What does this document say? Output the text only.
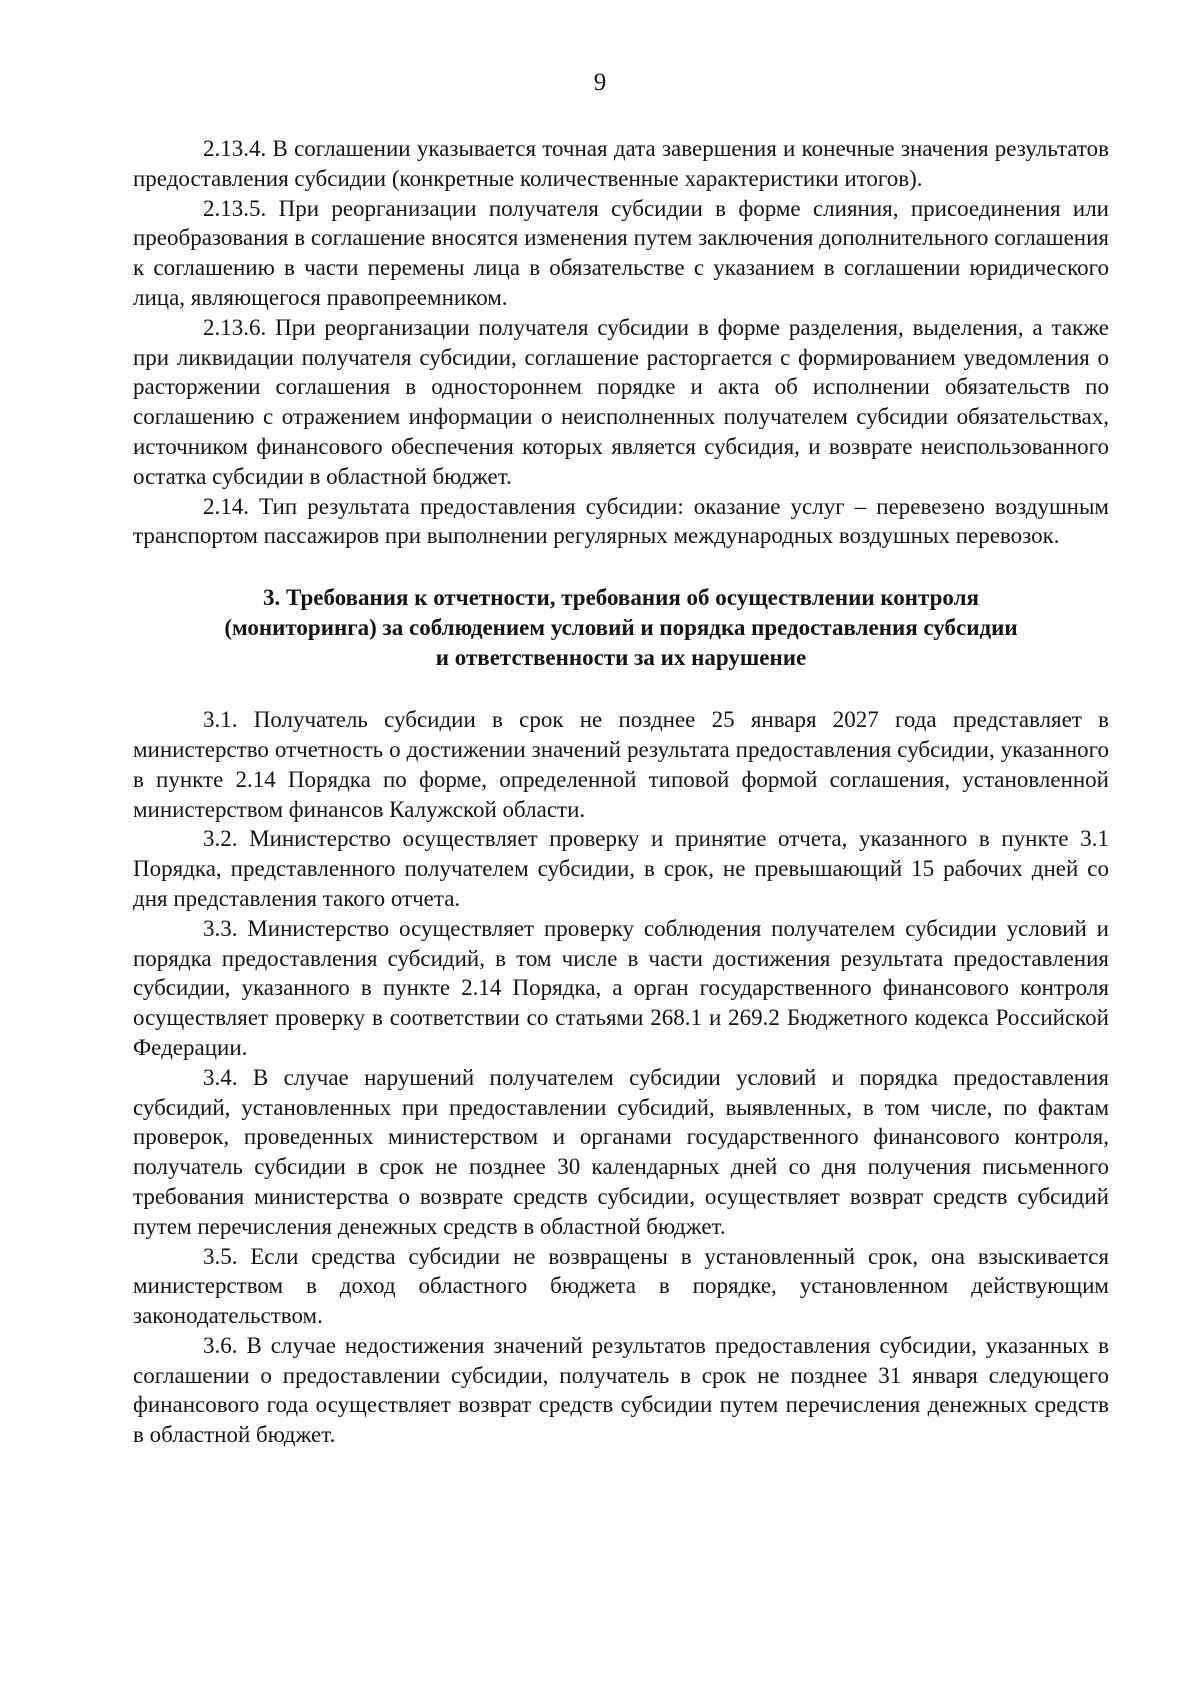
9

2.13.4. В соглашении указывается точная дата завершения и конечные значения результатов предоставления субсидии (конкретные количественные характеристики итогов).

2.13.5. При реорганизации получателя субсидии в форме слияния, присоединения или преобразования в соглашение вносятся изменения путем заключения дополнительного соглашения к соглашению в части перемены лица в обязательстве с указанием в соглашении юридического лица, являющегося правопреемником.

2.13.6. При реорганизации получателя субсидии в форме разделения, выделения, а также при ликвидации получателя субсидии, соглашение расторгается с формированием уведомления о расторжении соглашения в одностороннем порядке и акта об исполнении обязательств по соглашению с отражением информации о неисполненных получателем субсидии обязательствах, источником финансового обеспечения которых является субсидия, и возврате неиспользованного остатка субсидии в областной бюджет.

2.14. Тип результата предоставления субсидии: оказание услуг – перевезено воздушным транспортом пассажиров при выполнении регулярных международных воздушных перевозок.

3. Требования к отчетности, требования об осуществлении контроля
(мониторинга) за соблюдением условий и порядка предоставления субсидии
и ответственности за их нарушение

3.1. Получатель субсидии в срок не позднее 25 января 2027 года представляет в министерство отчетность о достижении значений результата предоставления субсидии, указанного в пункте 2.14 Порядка по форме, определенной типовой формой соглашения, установленной министерством финансов Калужской области.

3.2. Министерство осуществляет проверку и принятие отчета, указанного в пункте 3.1 Порядка, представленного получателем субсидии, в срок, не превышающий 15 рабочих дней со дня представления такого отчета.

3.3. Министерство осуществляет проверку соблюдения получателем субсидии условий и порядка предоставления субсидий, в том числе в части достижения результата предоставления субсидии, указанного в пункте 2.14 Порядка, а орган государственного финансового контроля осуществляет проверку в соответствии со статьями 268.1 и 269.2 Бюджетного кодекса Российской Федерации.

3.4. В случае нарушений получателем субсидии условий и порядка предоставления субсидий, установленных при предоставлении субсидий, выявленных, в том числе, по фактам проверок, проведенных министерством и органами государственного финансового контроля, получатель субсидии в срок не позднее 30 календарных дней со дня получения письменного требования министерства о возврате средств субсидии, осуществляет возврат средств субсидий путем перечисления денежных средств в областной бюджет.

3.5. Если средства субсидии не возвращены в установленный срок, она взыскивается министерством в доход областного бюджета в порядке, установленном действующим законодательством.

3.6. В случае недостижения значений результатов предоставления субсидии, указанных в соглашении о предоставлении субсидии, получатель в срок не позднее 31 января следующего финансового года осуществляет возврат средств субсидии путем перечисления денежных средств в областной бюджет.
